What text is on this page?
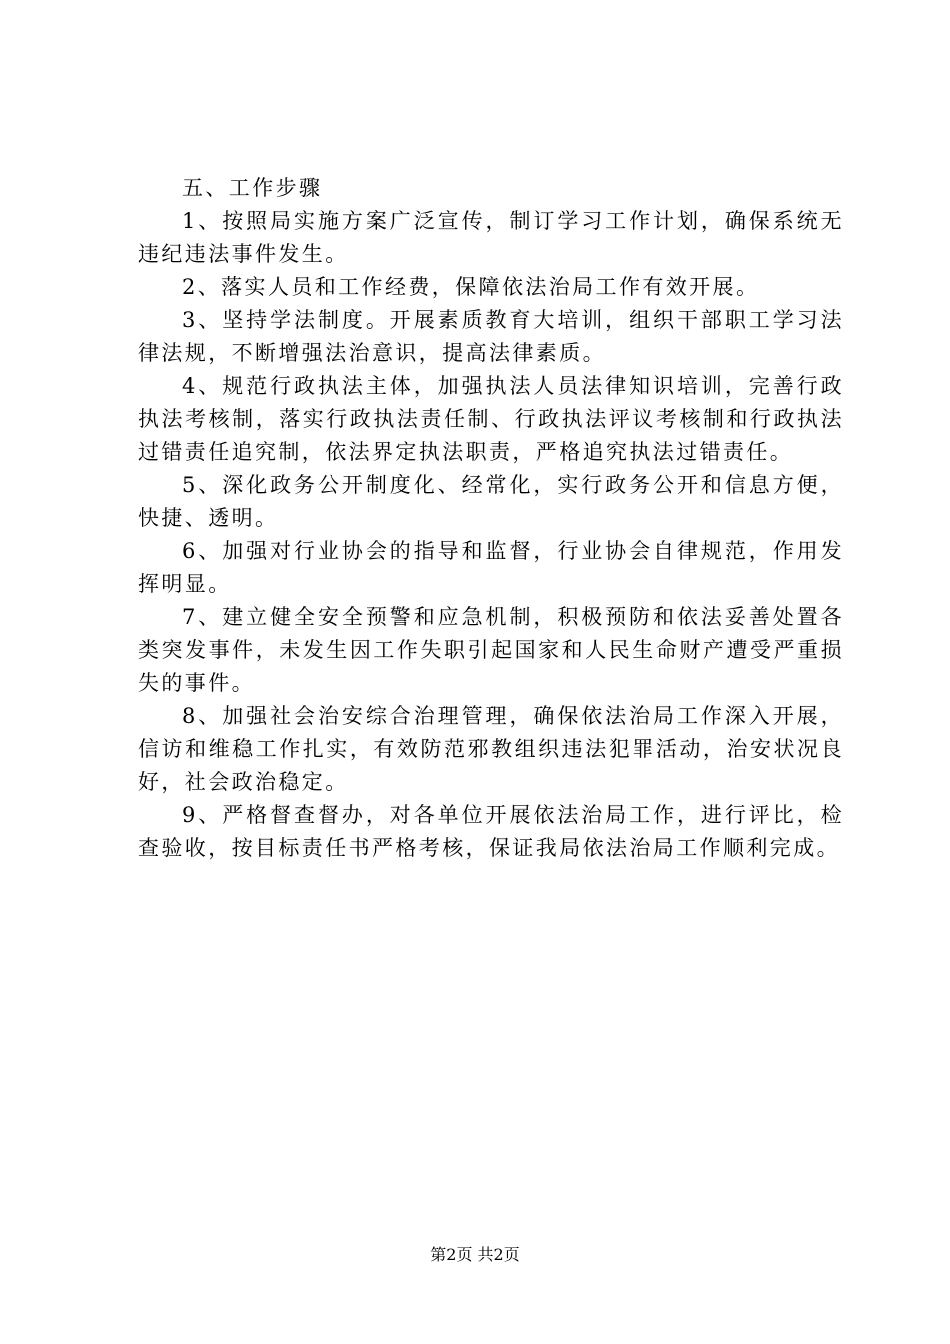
五、工作步骤

1、按照局实施方案广泛宣传，制订学习工作计划，确保系统无违纪违法事件发生。

2、落实人员和工作经费，保障依法治局工作有效开展。

3、坚持学法制度。开展素质教育大培训，组织干部职工学习法律法规，不断增强法治意识，提高法律素质。

4、规范行政执法主体，加强执法人员法律知识培训，完善行政执法考核制，落实行政执法责任制、行政执法评议考核制和行政执法过错责任追究制，依法界定执法职责，严格追究执法过错责任。

5、深化政务公开制度化、经常化，实行政务公开和信息方便，快捷、透明。

6、加强对行业协会的指导和监督，行业协会自律规范，作用发挥明显。

7、建立健全安全预警和应急机制，积极预防和依法妥善处置各类突发事件，未发生因工作失职引起国家和人民生命财产遭受严重损失的事件。

8、加强社会治安综合治理管理，确保依法治局工作深入开展，信访和维稳工作扎实，有效防范邪教组织违法犯罪活动，治安状况良好，社会政治稳定。

9、严格督查督办，对各单位开展依法治局工作，进行评比，检查验收，按目标责任书严格考核，保证我局依法治局工作顺利完成。

第2页 共2页
